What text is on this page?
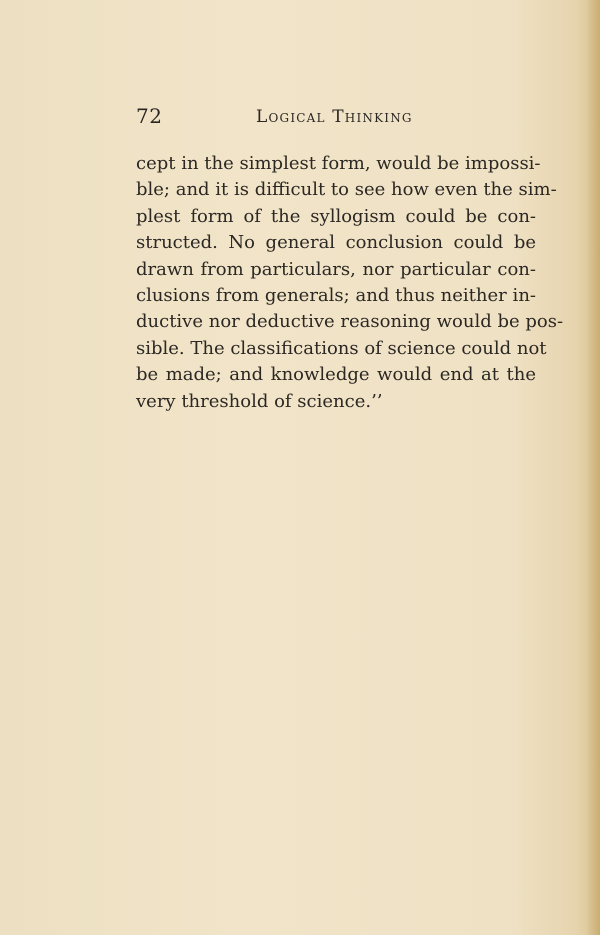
72	Logical Thinking
cept in the simplest form, would be impossi-
ble; and it is difficult to see how even the sim-
plest form of the syllogism could be con-
structed. No general conclusion could be
drawn from particulars, nor particular con-
clusions from generals; and thus neither in-
ductive nor deductive reasoning would be pos-
sible. The classifications of science could not
be made; and knowledge would end at the
very threshold of science.’’
